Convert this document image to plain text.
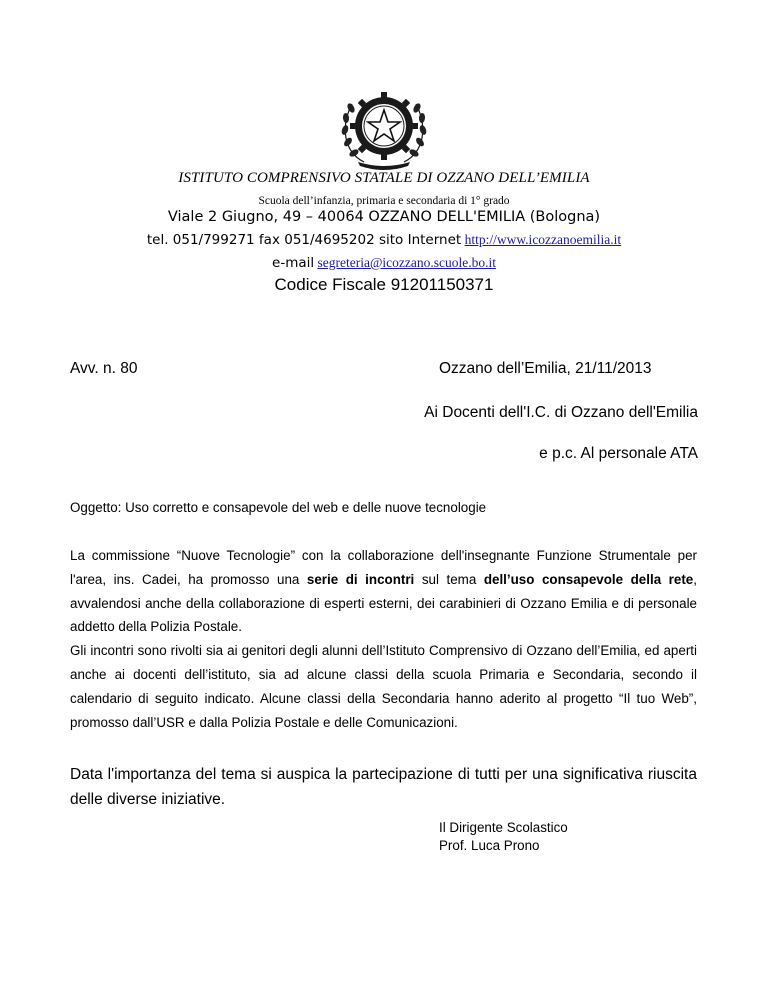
ISTITUTO COMPRENSIVO STATALE DI OZZANO DELL’EMILIA
Scuola dell’infanzia, primaria e secondaria di 1° grado
Viale 2 Giugno, 49 – 40064 OZZANO DELL'EMILIA (Bologna)
tel. 051/799271 fax 051/4695202 sito Internet http://www.icozzanoemilia.it
e-mail segreteria@icozzano.scuole.bo.it
Codice Fiscale 91201150371
Avv. n. 80	Ozzano dell’Emilia, 21/11/2013
Ai Docenti dell'I.C. di Ozzano dell'Emilia
e p.c. Al personale ATA
Oggetto: Uso corretto e consapevole del web e delle nuove tecnologie

La commissione “Nuove Tecnologie” con la collaborazione dell'insegnante Funzione Strumentale per l'area, ins. Cadei, ha promosso una serie di incontri sul tema dell’uso consapevole della rete, avvalendosi anche della collaborazione di esperti esterni, dei carabinieri di Ozzano Emilia e di personale addetto della Polizia Postale.

Gli incontri sono rivolti sia ai genitori degli alunni dell’Istituto Comprensivo di Ozzano dell’Emilia, ed aperti anche ai docenti dell’istituto, sia ad alcune classi della scuola Primaria e Secondaria, secondo il calendario di seguito indicato. Alcune classi della Secondaria hanno aderito al progetto “Il tuo Web”, promosso dall’USR e dalla Polizia Postale e delle Comunicazioni.

Data l'importanza del tema si auspica la partecipazione di tutti per una significativa riuscita delle diverse iniziative.

Il Dirigente Scolastico
Prof. Luca Prono
